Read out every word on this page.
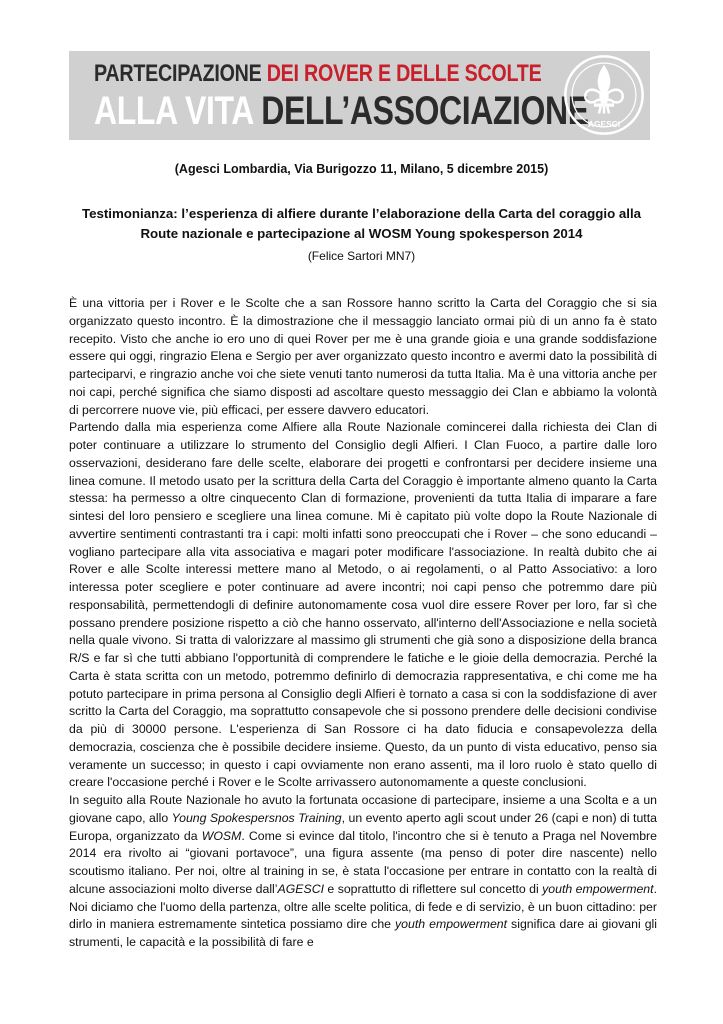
PARTECIPAZIONE DEI ROVER E DELLE SCOLTE
ALLA VITA DELL’ASSOCIAZIONE AGESCI
(Agesci Lombardia, Via Burigozzo 11, Milano, 5 dicembre 2015)
Testimonianza: l’esperienza di alfiere durante l’elaborazione della Carta del coraggio alla Route nazionale e partecipazione al WOSM Young spokesperson 2014
(Felice Sartori MN7)

È una vittoria per i Rover e le Scolte che a san Rossore hanno scritto la Carta del Coraggio che si sia organizzato questo incontro. È la dimostrazione che il messaggio lanciato ormai più di un anno fa è stato recepito. Visto che anche io ero uno di quei Rover per me è una grande gioia e una grande soddisfazione essere qui oggi, ringrazio Elena e Sergio per aver organizzato questo incontro e avermi dato la possibilità di parteciparvi, e ringrazio anche voi che siete venuti tanto numerosi da tutta Italia. Ma è una vittoria anche per noi capi, perché significa che siamo disposti ad ascoltare questo messaggio dei Clan e abbiamo la volontà di percorrere nuove vie, più efficaci, per essere davvero educatori.

Partendo dalla mia esperienza come Alfiere alla Route Nazionale comincerei dalla richiesta dei Clan di poter continuare a utilizzare lo strumento del Consiglio degli Alfieri. I Clan Fuoco, a partire dalle loro osservazioni, desiderano fare delle scelte, elaborare dei progetti e confrontarsi per decidere insieme una linea comune. Il metodo usato per la scrittura della Carta del Coraggio è importante almeno quanto la Carta stessa: ha permesso a oltre cinquecento Clan di formazione, provenienti da tutta Italia di imparare a fare sintesi del loro pensiero e scegliere una linea comune. Mi è capitato più volte dopo la Route Nazionale di avvertire sentimenti contrastanti tra i capi: molti infatti sono preoccupati che i Rover – che sono educandi – vogliano partecipare alla vita associativa e magari poter modificare l'associazione. In realtà dubito che ai Rover e alle Scolte interessi mettere mano al Metodo, o ai regolamenti, o al Patto Associativo: a loro interessa poter scegliere e poter continuare ad avere incontri; noi capi penso che potremmo dare più responsabilità, permettendogli di definire autonomamente cosa vuol dire essere Rover per loro, far sì che possano prendere posizione rispetto a ciò che hanno osservato, all'interno dell'Associazione e nella società nella quale vivono. Si tratta di valorizzare al massimo gli strumenti che già sono a disposizione della branca R/S e far sì che tutti abbiano l'opportunità di comprendere le fatiche e le gioie della democrazia. Perché la Carta è stata scritta con un metodo, potremmo definirlo di democrazia rappresentativa, e chi come me ha potuto partecipare in prima persona al Consiglio degli Alfieri è tornato a casa si con la soddisfazione di aver scritto la Carta del Coraggio, ma soprattutto consapevole che si possono prendere delle decisioni condivise da più di 30000 persone. L'esperienza di San Rossore ci ha dato fiducia e consapevolezza della democrazia, coscienza che è possibile decidere insieme. Questo, da un punto di vista educativo, penso sia veramente un successo; in questo i capi ovviamente non erano assenti, ma il loro ruolo è stato quello di creare l'occasione perché i Rover e le Scolte arrivassero autonomamente a queste conclusioni.

In seguito alla Route Nazionale ho avuto la fortunata occasione di partecipare, insieme a una Scolta e a un giovane capo, allo Young Spokespersnos Training, un evento aperto agli scout under 26 (capi e non) di tutta Europa, organizzato da WOSM. Come si evince dal titolo, l'incontro che si è tenuto a Praga nel Novembre 2014 era rivolto ai “giovani portavoce”, una figura assente (ma penso di poter dire nascente) nello scoutismo italiano. Per noi, oltre al training in se, è stata l'occasione per entrare in contatto con la realtà di alcune associazioni molto diverse dall’AGESCI e soprattutto di riflettere sul concetto di youth empowerment. Noi diciamo che l'uomo della partenza, oltre alle scelte politica, di fede e di servizio, è un buon cittadino: per dirlo in maniera estremamente sintetica possiamo dire che youth empowerment significa dare ai giovani gli strumenti, le capacità e la possibilità di fare e
